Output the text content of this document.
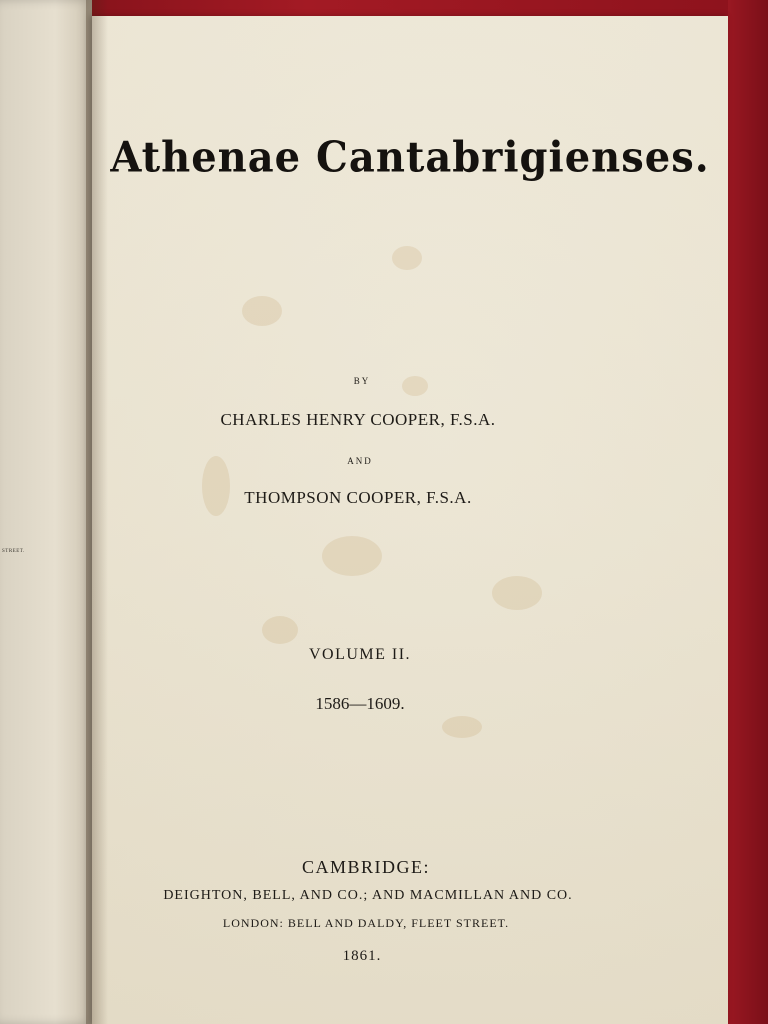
STREET.
Athenae Cantabrigienses.
BY
CHARLES HENRY COOPER, F.S.A.
AND
THOMPSON COOPER, F.S.A.
VOLUME II.
1586—1609.
CAMBRIDGE:
DEIGHTON, BELL, AND CO.; AND MACMILLAN AND CO.
LONDON: BELL AND DALDY, FLEET STREET.
1861.
